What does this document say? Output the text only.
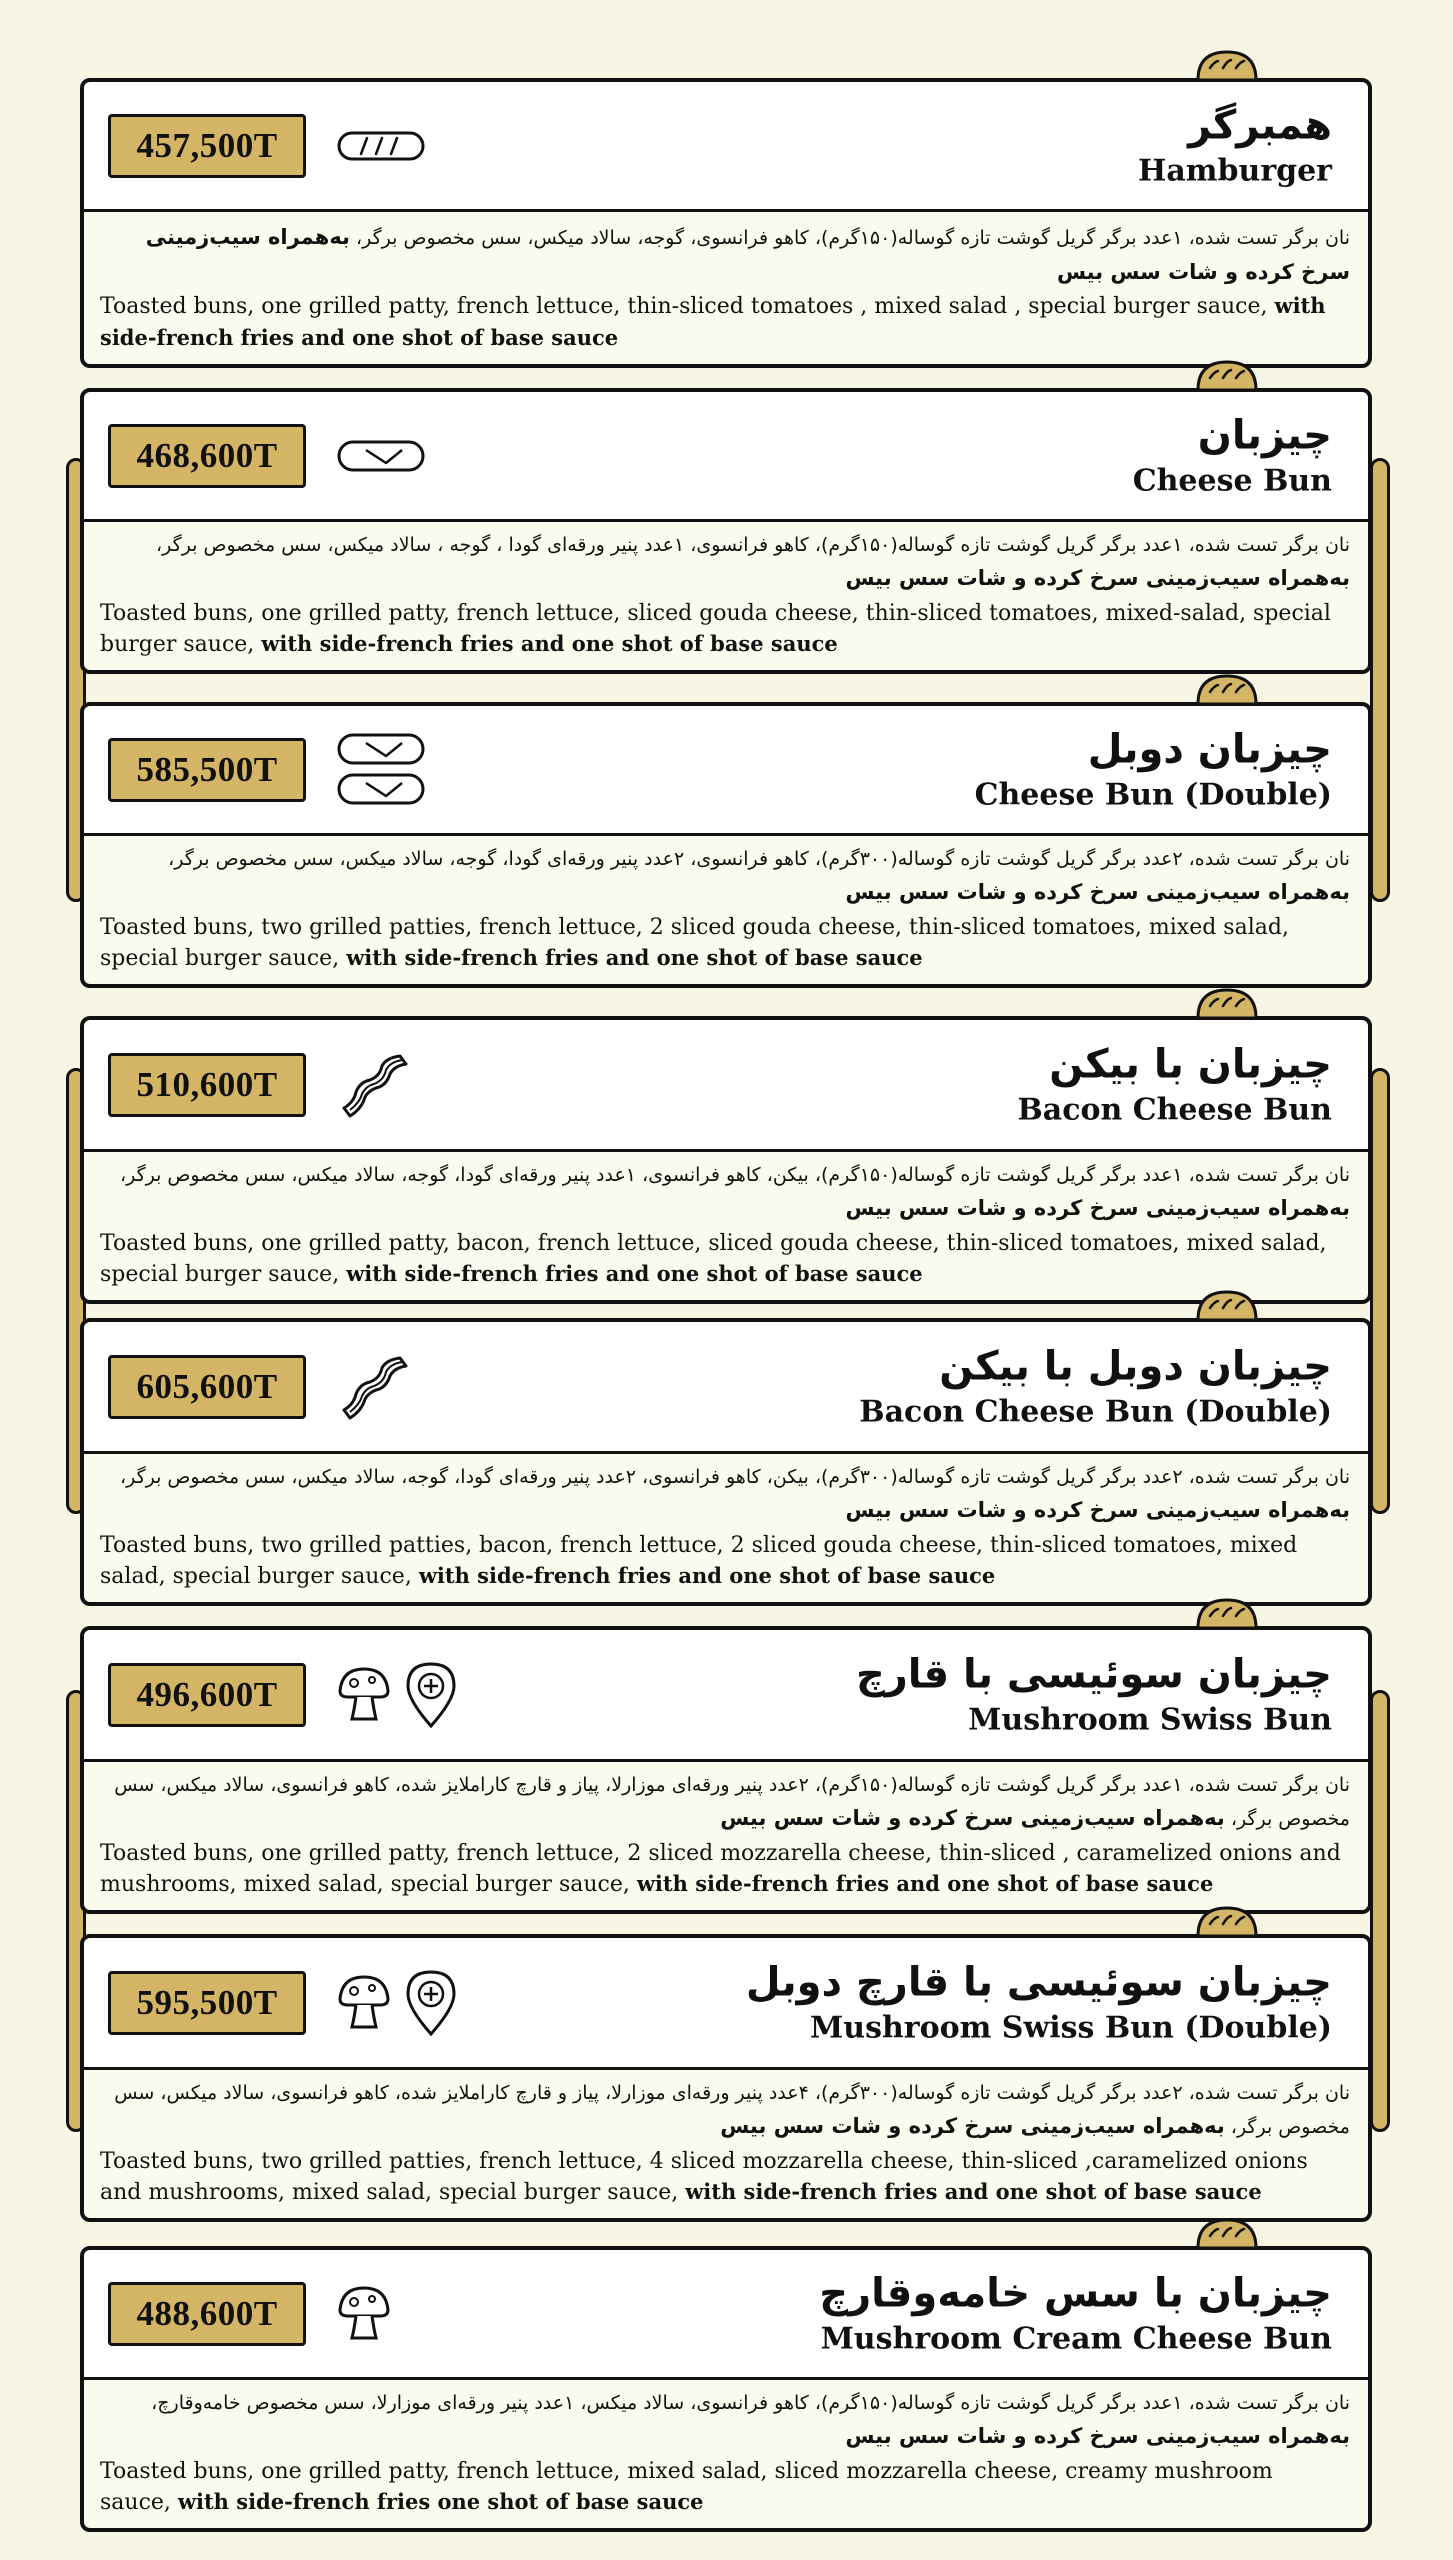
457,500T	همبرگر
Hamburger
نان برگر تست شده، ۱عدد برگر گریل گوشت تازه گوساله(۱۵۰گرم)، کاهو فرانسوی، گوجه، سالاد میکس، سس مخصوص برگر، به‌همراه سیب‌زمینی سرخ کرده و شات سس بیس
Toasted buns, one grilled patty, french lettuce, thin-sliced tomatoes , mixed salad , special burger sauce, with side-french fries and one shot of base sauce
468,600T	چیزبان
Cheese Bun
نان برگر تست شده، ۱عدد برگر گریل گوشت تازه گوساله(۱۵۰گرم)، کاهو فرانسوی، ۱عدد پنیر ورقه‌ای گودا ، گوجه ، سالاد میکس، سس مخصوص برگر، به‌همراه سیب‌زمینی سرخ کرده و شات سس بیس
Toasted buns, one grilled patty, french lettuce, sliced gouda cheese, thin-sliced tomatoes, mixed-salad, special burger sauce, with side-french fries and one shot of base sauce
585,500T	چیزبان دوبل
Cheese Bun (Double)
نان برگر تست شده، ۲عدد برگر گریل گوشت تازه گوساله(۳۰۰گرم)، کاهو فرانسوی، ۲عدد پنیر ورقه‌ای گودا، گوجه، سالاد میکس، سس مخصوص برگر، به‌همراه سیب‌زمینی سرخ کرده و شات سس بیس
Toasted buns, two grilled patties, french lettuce, 2 sliced gouda cheese, thin-sliced tomatoes, mixed salad, special burger sauce, with side-french fries and one shot of base sauce
510,600T	چیزبان با بیکن
Bacon Cheese Bun
نان برگر تست شده، ۱عدد برگر گریل گوشت تازه گوساله(۱۵۰گرم)، بیکن، کاهو فرانسوی، ۱عدد پنیر ورقه‌ای گودا، گوجه، سالاد میکس، سس مخصوص برگر، به‌همراه سیب‌زمینی سرخ کرده و شات سس بیس
Toasted buns, one grilled patty, bacon, french lettuce, sliced gouda cheese, thin-sliced tomatoes, mixed salad, special burger sauce, with side-french fries and one shot of base sauce
605,600T	چیزبان دوبل با بیکن
Bacon Cheese Bun (Double)
نان برگر تست شده، ۲عدد برگر گریل گوشت تازه گوساله(۳۰۰گرم)، بیکن، کاهو فرانسوی، ۲عدد پنیر ورقه‌ای گودا، گوجه، سالاد میکس، سس مخصوص برگر، به‌همراه سیب‌زمینی سرخ کرده و شات سس بیس
Toasted buns, two grilled patties, bacon, french lettuce, 2 sliced gouda cheese, thin-sliced tomatoes, mixed salad, special burger sauce, with side-french fries and one shot of base sauce
496,600T	چیزبان سوئیسی با قارچ
Mushroom Swiss Bun
نان برگر تست شده، ۱عدد برگر گریل گوشت تازه گوساله(۱۵۰گرم)، ۲عدد پنیر ورقه‌ای موزارلا، پیاز و قارچ کاراملایز شده، کاهو فرانسوی، سالاد میکس، سس مخصوص برگر، به‌همراه سیب‌زمینی سرخ کرده و شات سس بیس
Toasted buns, one grilled patty, french lettuce, 2 sliced mozzarella cheese, thin-sliced , caramelized onions and mushrooms, mixed salad, special burger sauce, with side-french fries and one shot of base sauce
595,500T	چیزبان سوئیسی با قارچ دوبل
Mushroom Swiss Bun (Double)
نان برگر تست شده، ۲عدد برگر گریل گوشت تازه گوساله(۳۰۰گرم)، ۴عدد پنیر ورقه‌ای موزارلا، پیاز و قارچ کاراملایز شده، کاهو فرانسوی، سالاد میکس، سس مخصوص برگر، به‌همراه سیب‌زمینی سرخ کرده و شات سس بیس
Toasted buns, two grilled patties, french lettuce, 4 sliced mozzarella cheese, thin-sliced ,caramelized onions and mushrooms, mixed salad, special burger sauce, with side-french fries and one shot of base sauce
488,600T	چیزبان با سس خامه‌وقارچ
Mushroom Cream Cheese Bun
نان برگر تست شده، ۱عدد برگر گریل گوشت تازه گوساله(۱۵۰گرم)، کاهو فرانسوی، سالاد میکس، ۱عدد پنیر ورقه‌ای موزارلا، سس مخصوص خامه‌وقارچ، به‌همراه سیب‌زمینی سرخ کرده و شات سس بیس
Toasted buns, one grilled patty, french lettuce, mixed salad, sliced mozzarella cheese, creamy mushroom sauce, with side-french fries one shot of base sauce
